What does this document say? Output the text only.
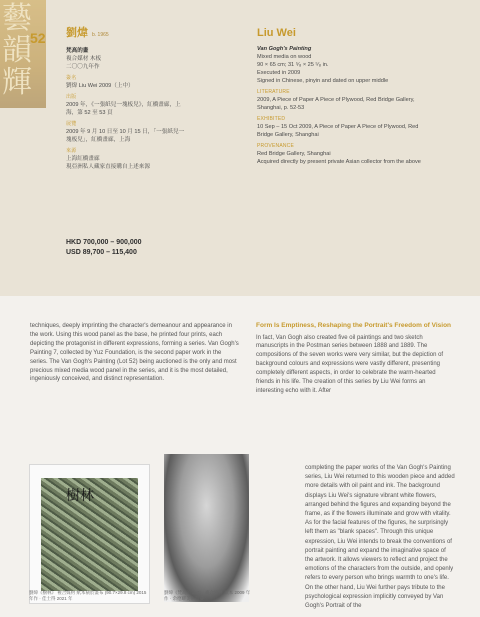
藝
韻
輝
52 劉煒 b. 1965
梵高的畫
複合媒材 木板
二〇〇九年作
簽名
劉煒 Liu Wei 2009（上中）
出版
2009 年，《一張紙兒一塊板兒》，紅橋畫廊，上海，第 52 至 53 頁
展覽
2009 年 9 月 10 日至 10 月 15 日，「一張紙兒一塊板兒」，紅橋畫廊，上海
來源
上海紅橋畫廊
現亞洲私人藏家直接購自上述來源
Liu Wei
Van Gogh's Painting
Mixed media on wood
90 × 65 cm; 31 ⁵⁄₈ × 25 ⁵⁄₈ in.
Executed in 2009
Signed in Chinese, pinyin and dated on upper middle
LITERATURE
2009, A Piece of Paper A Piece of Plywood, Red Bridge Gallery, Shanghai, p. 52-53
EXHIBITED
10 Sep – 15 Oct 2009, A Piece of Paper A Piece of Plywood, Red Bridge Gallery, Shanghai
PROVENANCE
Red Bridge Gallery, Shanghai
Acquired directly by present private Asian collector from the above
HKD 700,000 – 900,000
USD 89,700 – 115,400
techniques, deeply imprinting the character's demeanour and appearance in the work. Using this wood panel as the base, he printed four prints, each depicting the protagonist in different expressions, forming a series. Van Gogh's Painting 7, collected by Yuz Foundation, is the second paper work in the series. The Van Gogh's Painting (Lot 52) being auctioned is the only and most precious mixed media wood panel in the series, and it is the most detailed, ingeniously conceived, and distinct representation.
Form Is Emptiness, Reshaping the Portrait's Freedom of Vision
In fact, Van Gogh also created five oil paintings and two sketch manuscripts in the Postman series between 1888 and 1889. The compositions of the seven works were very similar, but the depiction of background colours and expressions were vastly different, presenting completely different aspects, in order to celebrate the warm-hearted friends in his life. The creation of this series by Liu Wei forms an interesting echo with it. After
completing the paper works of the Van Gogh's Painting series, Liu Wei returned to this wooden piece and added more details with oil paint and ink. The background displays Liu Wei's signature vibrant white flowers, arranged behind the figures and expanding beyond the frame, as if the flowers illuminate and grow with vitality. As for the facial features of the figures, he surprisingly left them as "blank spaces". Through this unique expression, Liu Wei intends to break the conventions of portrait painting and expand the imaginative space of the artwork. It allows viewers to reflect and project the emotions of the characters from the outside, and openly refers to every person who brings warmth to one's life. On the other hand, Liu Wei further pays tribute to the psychological expression implicitly conveyed by Van Gogh's Portrait of the
樹林
劉煒《樹林》 複合媒材 紙本裱於畫布 (90.7×29.8 cm) 2015 年作 · 佳士得 2021 年
劉煒《梵高的畫 7》 複合媒材 紙本 2009 年作 · 余德耀美術館藏
